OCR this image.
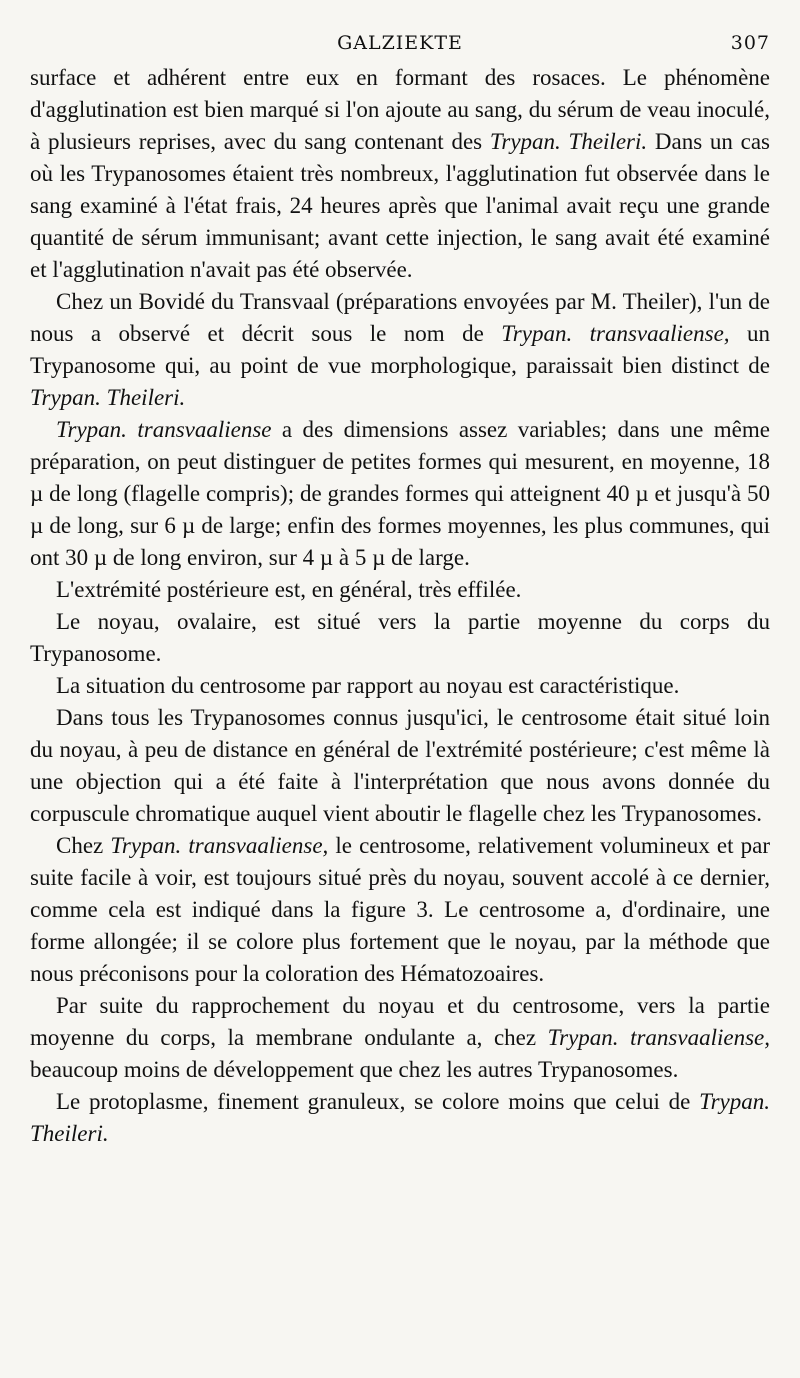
GALZIEKTE	307

surface et adhérent entre eux en formant des rosaces. Le phénomène d'agglutination est bien marqué si l'on ajoute au sang, du sérum de veau inoculé, à plusieurs reprises, avec du sang contenant des Trypan. Theileri. Dans un cas où les Trypanosomes étaient très nombreux, l'agglutination fut observée dans le sang examiné à l'état frais, 24 heures après que l'animal avait reçu une grande quantité de sérum immunisant; avant cette injection, le sang avait été examiné et l'agglutination n'avait pas été observée.

Chez un Bovidé du Transvaal (préparations envoyées par M. Theiler), l'un de nous a observé et décrit sous le nom de Trypan. transvaaliense, un Trypanosome qui, au point de vue morphologique, paraissait bien distinct de Trypan. Theileri.

Trypan. transvaaliense a des dimensions assez variables; dans une même préparation, on peut distinguer de petites formes qui mesurent, en moyenne, 18 µ de long (flagelle compris); de grandes formes qui atteignent 40 µ et jusqu'à 50 µ de long, sur 6 µ de large; enfin des formes moyennes, les plus communes, qui ont 30 µ de long environ, sur 4 µ à 5 µ de large.

L'extrémité postérieure est, en général, très effilée.

Le noyau, ovalaire, est situé vers la partie moyenne du corps du Trypanosome.

La situation du centrosome par rapport au noyau est caractéristique.

Dans tous les Trypanosomes connus jusqu'ici, le centrosome était situé loin du noyau, à peu de distance en général de l'extrémité postérieure; c'est même là une objection qui a été faite à l'interprétation que nous avons donnée du corpuscule chromatique auquel vient aboutir le flagelle chez les Trypanosomes.

Chez Trypan. transvaaliense, le centrosome, relativement volumineux et par suite facile à voir, est toujours situé près du noyau, souvent accolé à ce dernier, comme cela est indiqué dans la figure 3. Le centrosome a, d'ordinaire, une forme allongée; il se colore plus fortement que le noyau, par la méthode que nous préconisons pour la coloration des Hématozoaires.

Par suite du rapprochement du noyau et du centrosome, vers la partie moyenne du corps, la membrane ondulante a, chez Trypan. transvaaliense, beaucoup moins de développement que chez les autres Trypanosomes.

Le protoplasme, finement granuleux, se colore moins que celui de Trypan. Theileri.
